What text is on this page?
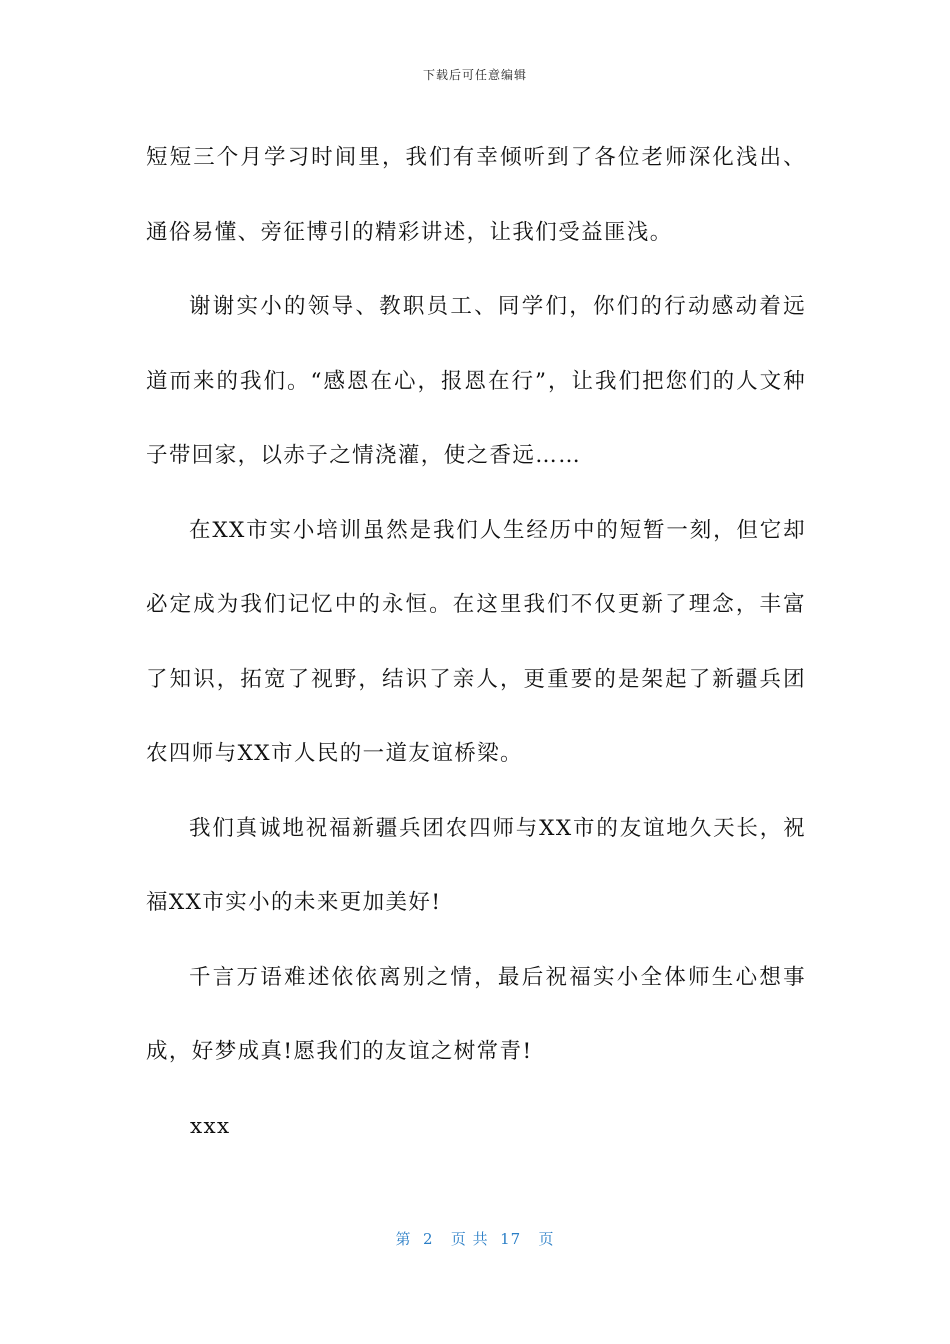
下载后可任意编辑

短短三个月学习时间里，我们有幸倾听到了各位老师深化浅出、通俗易懂、旁征博引的精彩讲述，让我们受益匪浅。

谢谢实小的领导、教职员工、同学们，你们的行动感动着远道而来的我们。“感恩在心，报恩在行”，让我们把您们的人文种子带回家，以赤子之情浇灌，使之香远……

在XX市实小培训虽然是我们人生经历中的短暂一刻，但它却必定成为我们记忆中的永恒。在这里我们不仅更新了理念，丰富了知识，拓宽了视野，结识了亲人，更重要的是架起了新疆兵团农四师与XX市人民的一道友谊桥梁。

我们真诚地祝福新疆兵团农四师与XX市的友谊地久天长，祝福XX市实小的未来更加美好!

千言万语难述依依离别之情，最后祝福实小全体师生心想事成，好梦成真!愿我们的友谊之树常青!

xxx

第  2   页 共  17   页
